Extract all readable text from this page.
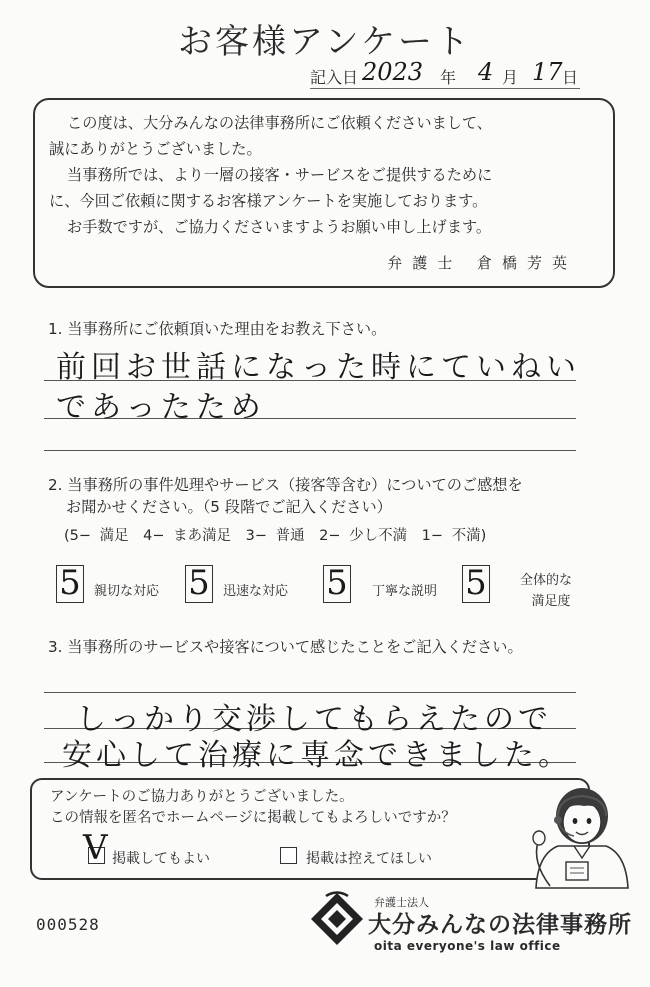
お客様アンケート
記入日 2023 年 4 月 17 日

この度は、大分みんなの法律事務所にご依頼くださいまして、

誠にありがとうございました。

当事務所では、より一層の接客・サービスをご提供するために

に、今回ご依頼に関するお客様アンケートを実施しております。

お手数ですが、ご協力くださいますようお願い申し上げます。

弁護士 倉橋芳英
1. 当事務所にご依頼頂いた理由をお教え下さい。
前回お世話になった時にていねい
であったため
2. 当事務所の事件処理やサービス（接客等含む）についてのご感想を
お聞かせください。（5 段階でご記入ください）
(5− 満足　4− まあ満足　3− 普通　2− 少し不満　1− 不満)
5 親切な対応 5 迅速な対応 5 丁寧な説明 5	全体的な
満足度
3. 当事務所のサービスや接客について感じたことをご記入ください。
しっかり交渉してもらえたので
安心して治療に専念できました。
アンケートのご協力ありがとうございました。
この情報を匿名でホームページに掲載してもよろしいですか？
V 掲載してもよい	掲載は控えてほしい
000528
弁護士法人
大分みんなの法律事務所
oita everyone's law office
